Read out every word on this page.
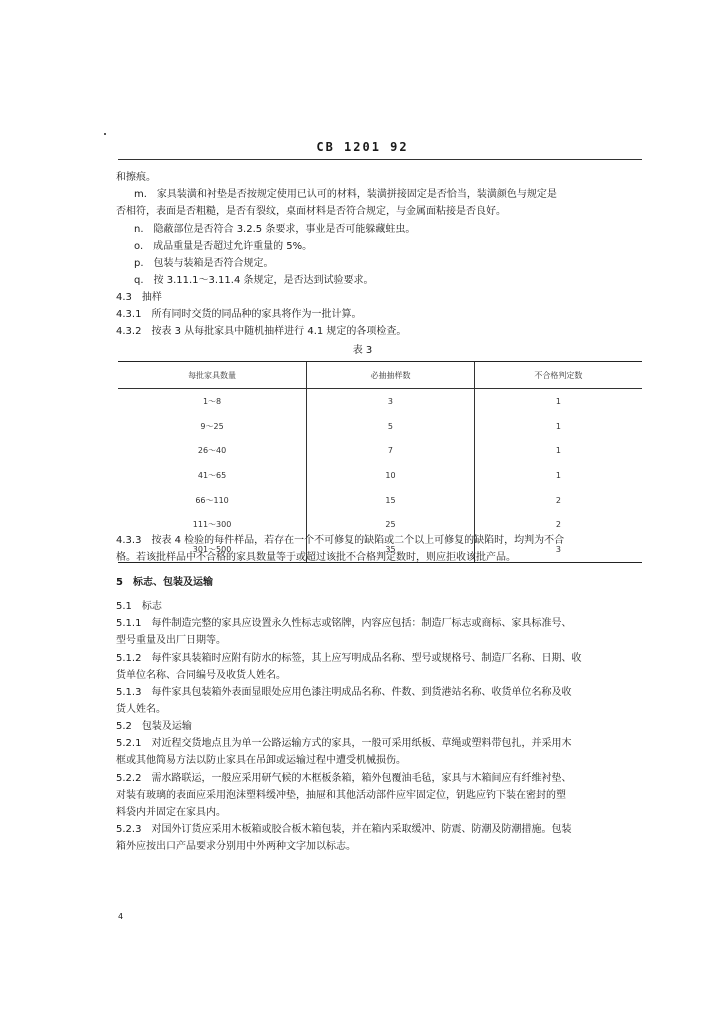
CB 1201 92
和擦痕。
m.　家具装潢和衬垫是否按规定使用已认可的材料，装潢拼接固定是否恰当，装潢颜色与规定是
否相符，表面是否粗糙，是否有裂纹，桌面材料是否符合规定，与金属面粘接是否良好。
n.　隐蔽部位是否符合 3.2.5 条要求，事业是否可能躲藏蛀虫。
o.　成品重量是否超过允许重量的 5%。
p.　包装与装箱是否符合规定。
q.　按 3.11.1～3.11.4 条规定，是否达到试验要求。
4.3　抽样
4.3.1　所有同时交货的同品种的家具将作为一批计算。
4.3.2　按表 3 从每批家具中随机抽样进行 4.1 规定的各项检查。
表 3
每批家具数量	必抽抽样数	不合格判定数
1～8	3	1
9～25	5	1
26～40	7	1
41～65	10	1
66～110	15	2
111～300	25	2
301～500	35	3
4.3.3　按表 4 检验的每件样品，若存在一个不可修复的缺陷或二个以上可修复的缺陷时，均判为不合
格。若该批样品中不合格的家具数量等于或超过该批不合格判定数时，则应拒收该批产品。
5　标志、包装及运输
5.1　标志
5.1.1　每件制造完整的家具应设置永久性标志或铭牌，内容应包括：制造厂标志或商标、家具标准号、
型号重量及出厂日期等。
5.1.2　每件家具装箱时应附有防水的标签，其上应写明成品名称、型号或规格号、制造厂名称、日期、收
货单位名称、合同编号及收货人姓名。
5.1.3　每件家具包装箱外表面显眼处应用色漆注明成品名称、件数、到货港站名称、收货单位名称及收
货人姓名。
5.2　包装及运输
5.2.1　对近程交货地点且为单一公路运输方式的家具，一般可采用纸板、草绳或塑料带包扎，并采用木
框或其他简易方法以防止家具在吊卸或运输过程中遭受机械损伤。
5.2.2　需水路联运，一般应采用研气候的木框板条箱，箱外包覆油毛毡，家具与木箱间应有纤维衬垫、
对装有玻璃的表面应采用泡沫塑料缓冲垫，抽屉和其他活动部件应牢固定位，钥匙应钓下装在密封的塑
料袋内并固定在家具内。
5.2.3　对国外订货应采用木板箱或胶合板木箱包装，并在箱内采取缓冲、防震、防潮及防潮措施。包装
箱外应按出口产品要求分别用中外两种文字加以标志。
4
